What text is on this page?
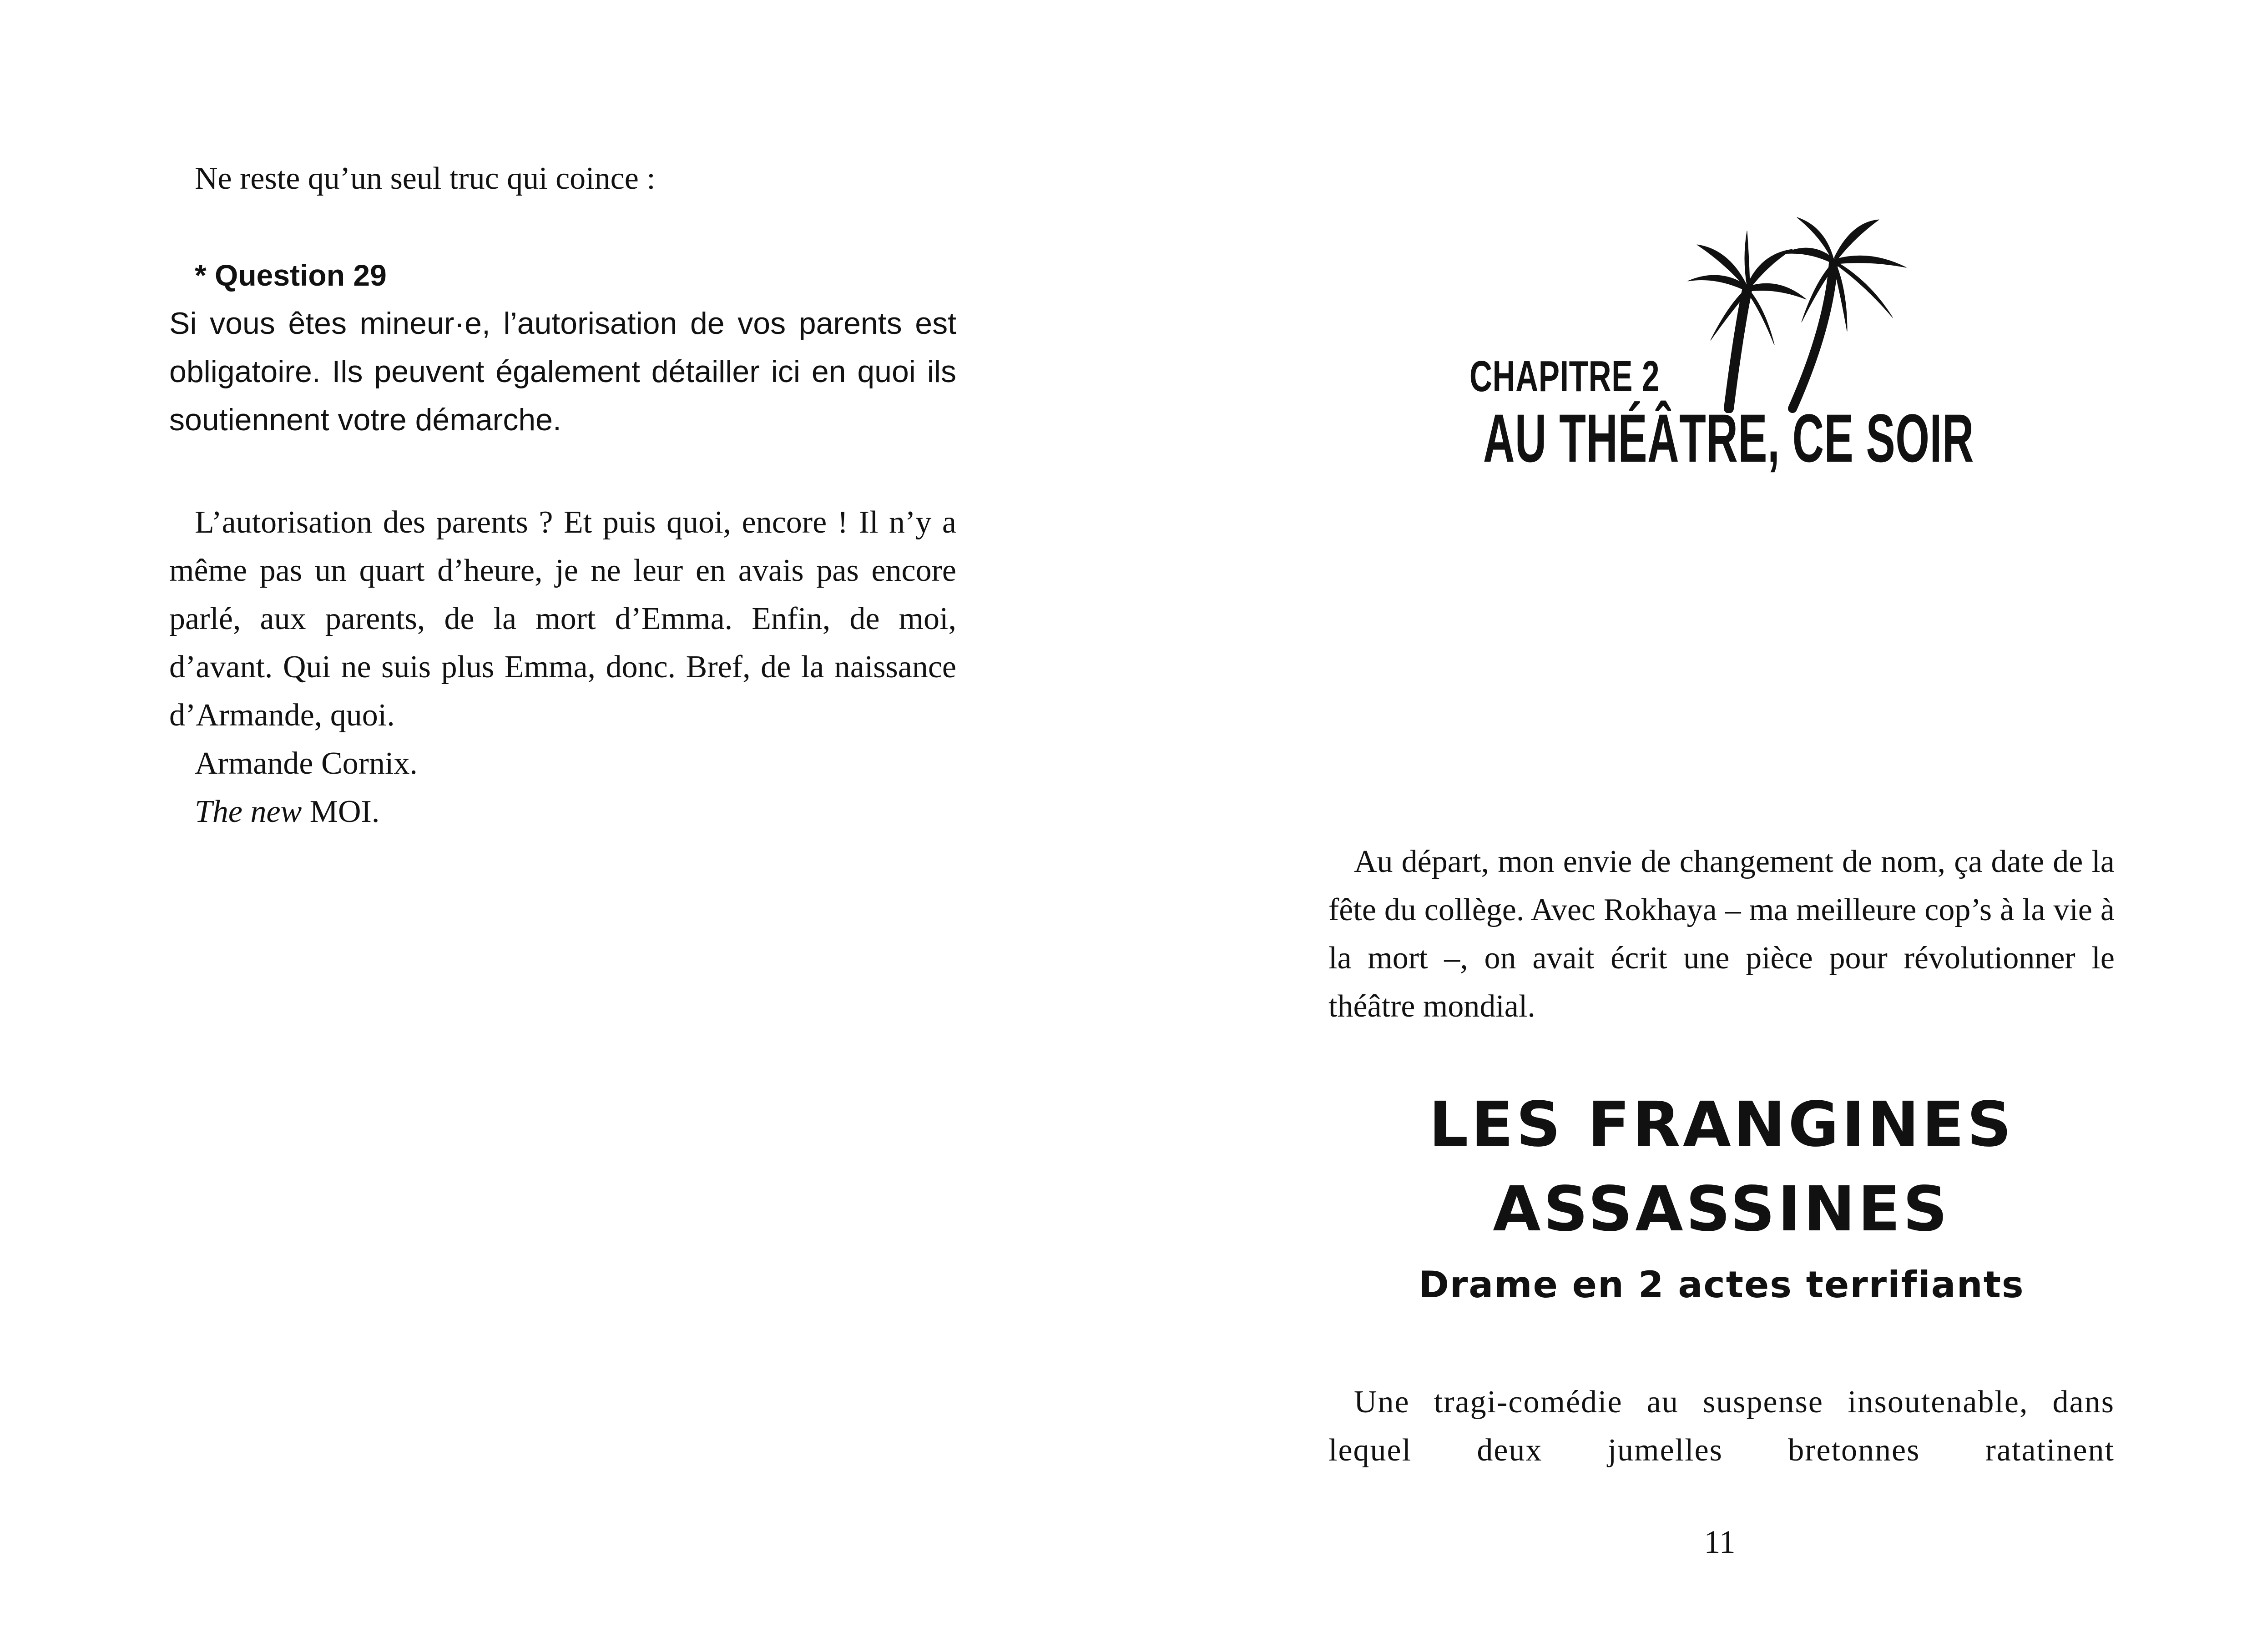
Ne reste qu’un seul truc qui coince :

* Question 29

Si vous êtes mineur·e, l’autorisation de vos parents est obligatoire. Ils peuvent également détailler ici en quoi ils soutiennent votre démarche.

L’autorisation des parents ? Et puis quoi, encore ! Il n’y a même pas un quart d’heure, je ne leur en avais pas encore parlé, aux parents, de la mort d’Emma. Enfin, de moi, d’avant. Qui ne suis plus Emma, donc. Bref, de la naissance d’Armande, quoi.

Armande Cornix.

The new MOI.

CHAPITRE 2
AU THÉÂTRE, CE SOIR

Au départ, mon envie de changement de nom, ça date de la fête du collège. Avec Rokhaya – ma meilleure cop’s à la vie à la mort –, on avait écrit une pièce pour révolutionner le théâtre mondial.

LES FRANGINES
ASSASSINES
Drame en 2 actes terrifiants

Une tragi-comédie au suspense insoutenable, dans lequel deux jumelles bretonnes ratatinent

11
